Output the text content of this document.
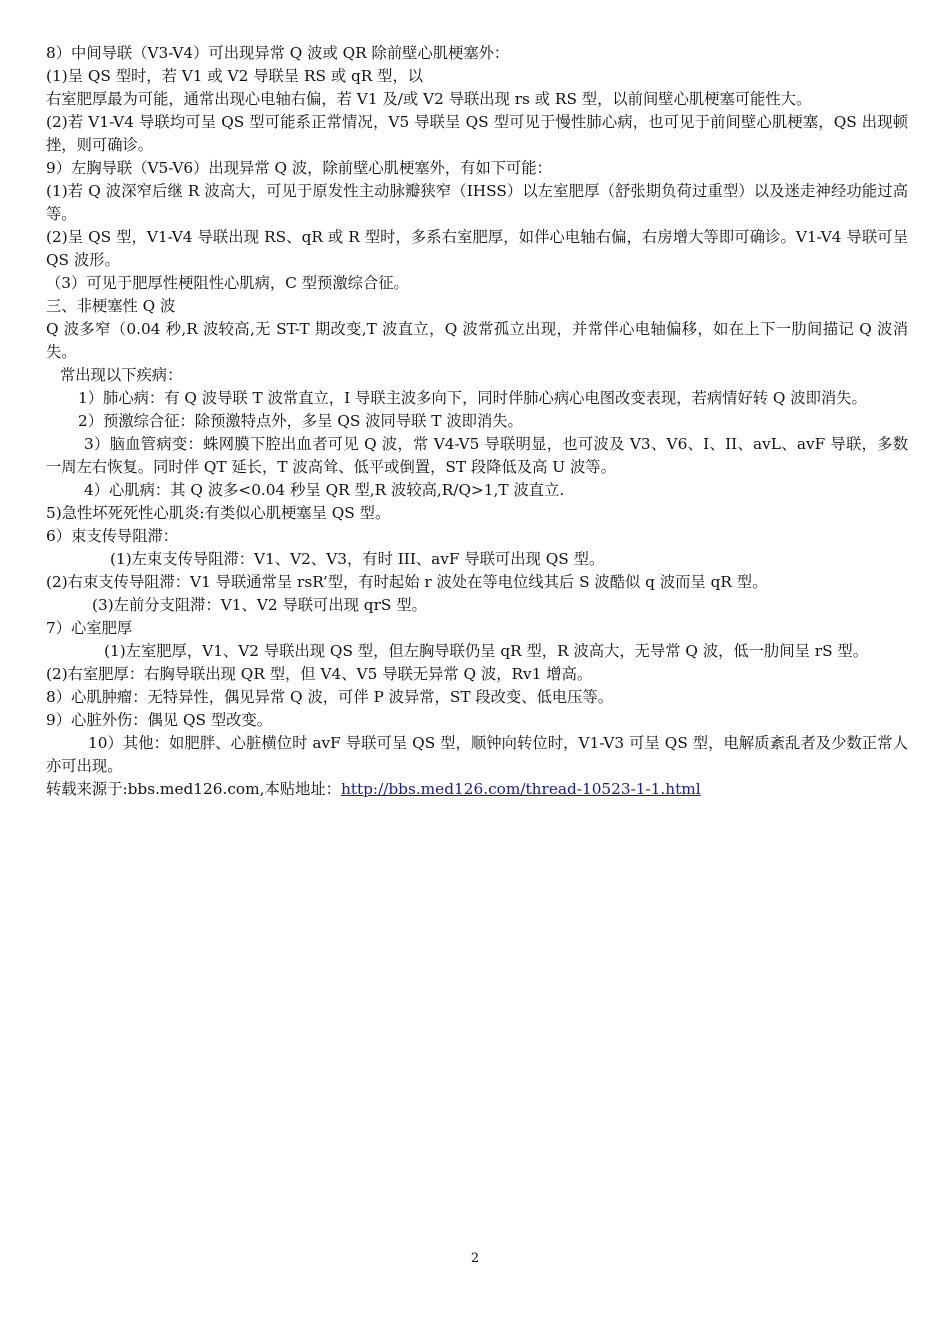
8）中间导联（V3-V4）可出现异常 Q 波或 QR 除前壁心肌梗塞外：

(1)呈 QS 型时，若 V1 或 V2 导联呈 RS 或 qR 型，以

右室肥厚最为可能，通常出现心电轴右偏，若 V1 及/或 V2 导联出现 rs 或 RS 型，以前间壁心肌梗塞可能性大。

(2)若 V1-V4 导联均可呈 QS 型可能系正常情况，V5 导联呈 QS 型可见于慢性肺心病，也可见于前间壁心肌梗塞，QS 出现顿挫，则可确诊。

9）左胸导联（V5-V6）出现异常 Q 波，除前壁心肌梗塞外，有如下可能：

(1)若 Q 波深窄后继 R 波高大，可见于原发性主动脉瓣狭窄（IHSS）以左室肥厚（舒张期负荷过重型）以及迷走神经功能过高等。

(2)呈 QS 型，V1-V4 导联出现 RS、qR 或 R 型时，多系右室肥厚，如伴心电轴右偏，右房增大等即可确诊。V1-V4 导联可呈 QS 波形。

（3）可见于肥厚性梗阻性心肌病，C 型预激综合征。

三、非梗塞性 Q 波

Q 波多窄（0.04 秒,R 波较高,无 ST-T 期改变,T 波直立，Q 波常孤立出现，并常伴心电轴偏移，如在上下一肋间描记 Q 波消失。

常出现以下疾病：

1）肺心病：有 Q 波导联 T 波常直立，I 导联主波多向下，同时伴肺心病心电图改变表现，若病情好转 Q 波即消失。

2）预激综合征：除预激特点外，多呈 QS 波同导联 T 波即消失。

3）脑血管病变：蛛网膜下腔出血者可见 Q 波，常 V4-V5 导联明显，也可波及 V3、V6、I、II、avL、avF 导联，多数一周左右恢复。同时伴 QT 延长，T 波高耸、低平或倒置，ST 段降低及高 U 波等。

4）心肌病：其 Q 波多<0.04 秒呈 QR 型,R 波较高,R/Q>1,T 波直立.

5)急性坏死死性心肌炎:有类似心肌梗塞呈 QS 型。

6）束支传导阻滞：

(1)左束支传导阻滞：V1、V2、V3，有时 III、avF 导联可出现 QS 型。

(2)右束支传导阻滞：V1 导联通常呈 rsR’型，有时起始 r 波处在等电位线其后 S 波酷似 q 波而呈 qR 型。

(3)左前分支阻滞：V1、V2 导联可出现 qrS 型。

7）心室肥厚

(1)左室肥厚，V1、V2 导联出现 QS 型，但左胸导联仍呈 qR 型，R 波高大，无导常 Q 波，低一肋间呈 rS 型。

(2)右室肥厚：右胸导联出现 QR 型，但 V4、V5 导联无异常 Q 波，Rv1 增高。

8）心肌肿瘤：无特异性，偶见异常 Q 波，可伴 P 波异常，ST 段改变、低电压等。

9）心脏外伤：偶见 QS 型改变。

10）其他：如肥胖、心脏横位时 avF 导联可呈 QS 型，顺钟向转位时，V1-V3 可呈 QS 型，电解质紊乱者及少数正常人亦可出现。

转载来源于:bbs.med126.com,本贴地址：http://bbs.med126.com/thread-10523-1-1.html

2
